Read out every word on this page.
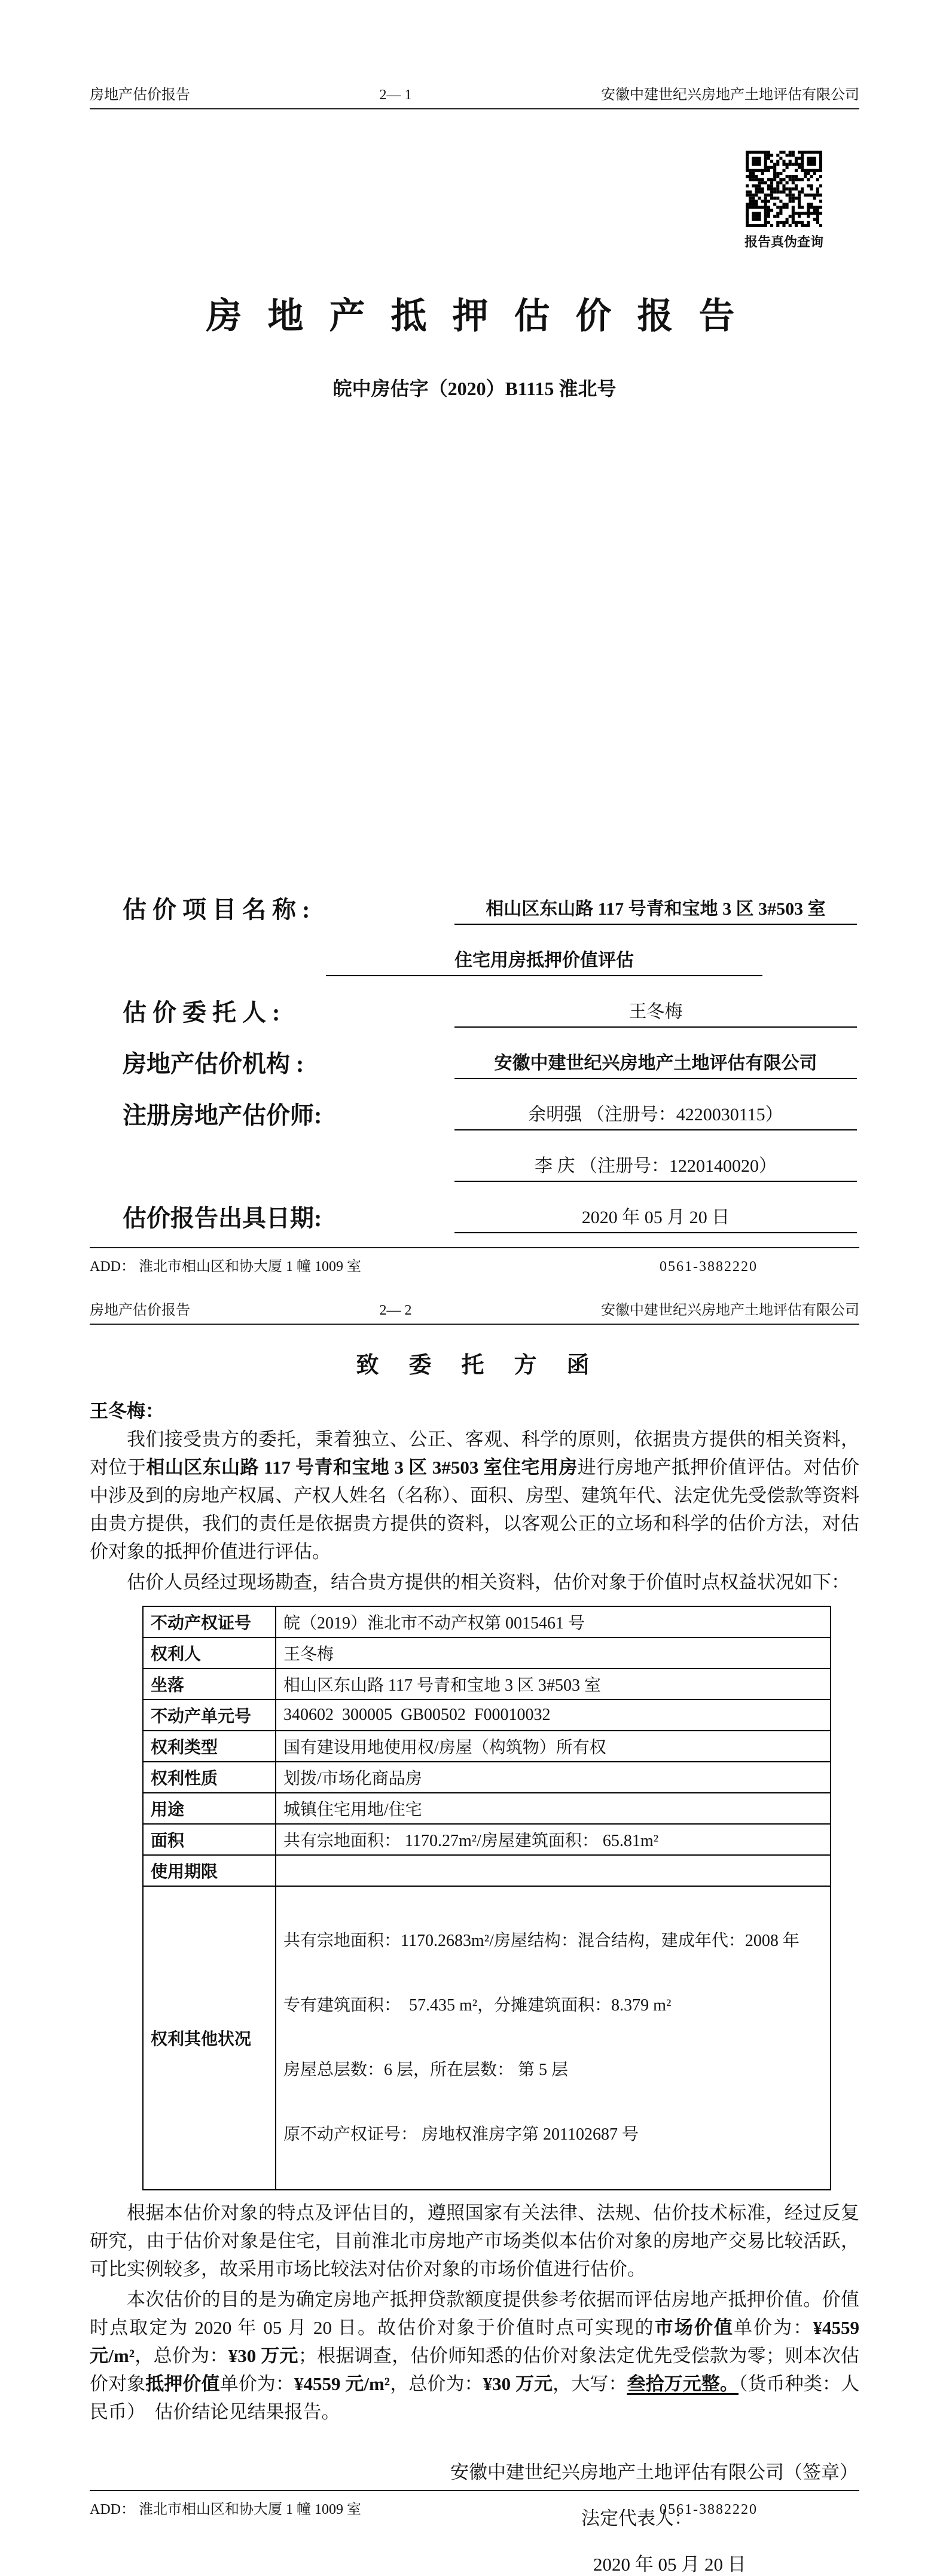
房地产估价报告	2— 1	安徽中建世纪兴房地产土地评估有限公司
报告真伪查询
房 地 产 抵 押 估 价 报 告
皖中房估字（2020）B1115 淮北号
估 价 项 目 名 称 :	相山区东山路 117 号青和宝地 3 区 3#503 室
住宅用房抵押价值评估
估 价 委 托 人 :	王冬梅
房地产估价机构 :	安徽中建世纪兴房地产土地评估有限公司
注册房地产估价师:	余明强 （注册号：4220030115）
李 庆 （注册号：1220140020）
估价报告出具日期:	2020 年 05 月 20 日
ADD： 淮北市相山区和协大厦 1 幢 1009 室	0561-3882220
房地产估价报告	2— 2	安徽中建世纪兴房地产土地评估有限公司
致　委　托　方　函
王冬梅：

我们接受贵方的委托，秉着独立、公正、客观、科学的原则，依据贵方提供的相关资料，对位于相山区东山路 117 号青和宝地 3 区 3#503 室住宅用房进行房地产抵押价值评估。对估价中涉及到的房地产权属、产权人姓名（名称）、面积、房型、建筑年代、法定优先受偿款等资料由贵方提供，我们的责任是依据贵方提供的资料，以客观公正的立场和科学的估价方法，对估价对象的抵押价值进行评估。

估价人员经过现场勘查，结合贵方提供的相关资料，估价对象于价值时点权益状况如下：

不动产权证号	皖（2019）淮北市不动产权第 0015461 号
权利人	王冬梅
坐落	相山区东山路 117 号青和宝地 3 区 3#503 室
不动产单元号	340602  300005  GB00502  F00010032
权利类型	国有建设用地使用权/房屋（构筑物）所有权
权利性质	划拨/市场化商品房
用途	城镇住宅用地/住宅
面积	共有宗地面积： 1170.27m²/房屋建筑面积： 65.81m²
使用期限	
权利其他状况	共有宗地面积：1170.2683m²/房屋结构：混合结构，建成年代：2008 年

专有建筑面积：  57.435 m²，分摊建筑面积：8.379 m²

房屋总层数：6 层，所在层数： 第 5 层

原不动产权证号： 房地权淮房字第 201102687 号

根据本估价对象的特点及评估目的，遵照国家有关法律、法规、估价技术标准，经过反复研究，由于估价对象是住宅，目前淮北市房地产市场类似本估价对象的房地产交易比较活跃，可比实例较多，故采用市场比较法对估价对象的市场价值进行估价。

本次估价的目的是为确定房地产抵押贷款额度提供参考依据而评估房地产抵押价值。价值时点取定为 2020 年 05 月 20 日。故估价对象于价值时点可实现的市场价值单价为：¥4559 元/m²，总价为：¥30 万元；根据调查，估价师知悉的估价对象法定优先受偿款为零；则本次估价对象抵押价值单价为：¥4559 元/m²，总价为：¥30 万元，大写：叁拾万元整。（货币种类：人民币）　估价结论见结果报告。

安徽中建世纪兴房地产土地评估有限公司（签章）
法定代表人：
2020 年 05 月 20 日
ADD： 淮北市相山区和协大厦 1 幢 1009 室	0561-3882220
